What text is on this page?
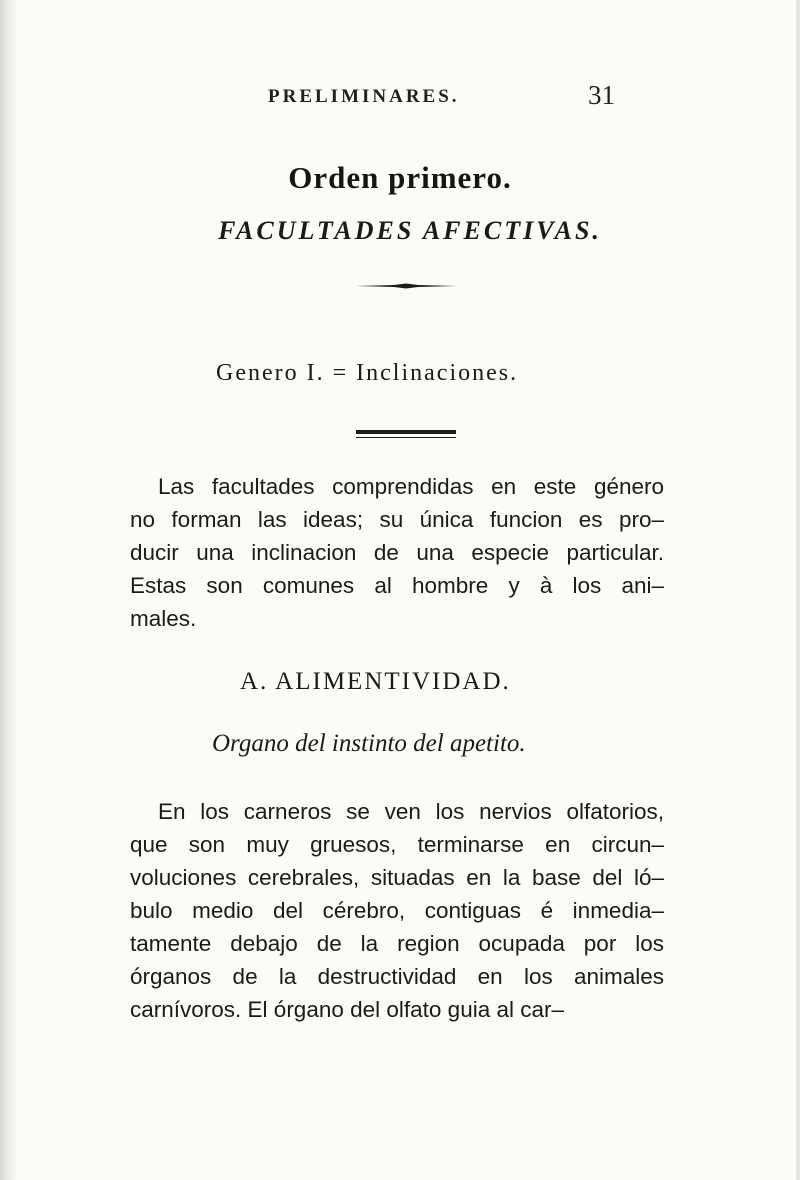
PRELIMINARES.	31
Orden primero.
FACULTADES AFECTIVAS.
Genero I. = Inclinaciones.
Las facultades comprendidas en este género
no forman las ideas; su única funcion es pro–
ducir una inclinacion de una especie particular.
Estas son comunes al hombre y à los ani–
males.
A. ALIMENTIVIDAD.
Organo del instinto del apetito.
En los carneros se ven los nervios olfatorios,
que son muy gruesos, terminarse en circun–
voluciones cerebrales, situadas en la base del ló–
bulo medio del cérebro, contiguas é inmedia–
tamente debajo de la region ocupada por los
órganos de la destructividad en los animales
carnívoros. El órgano del olfato guia al car–
